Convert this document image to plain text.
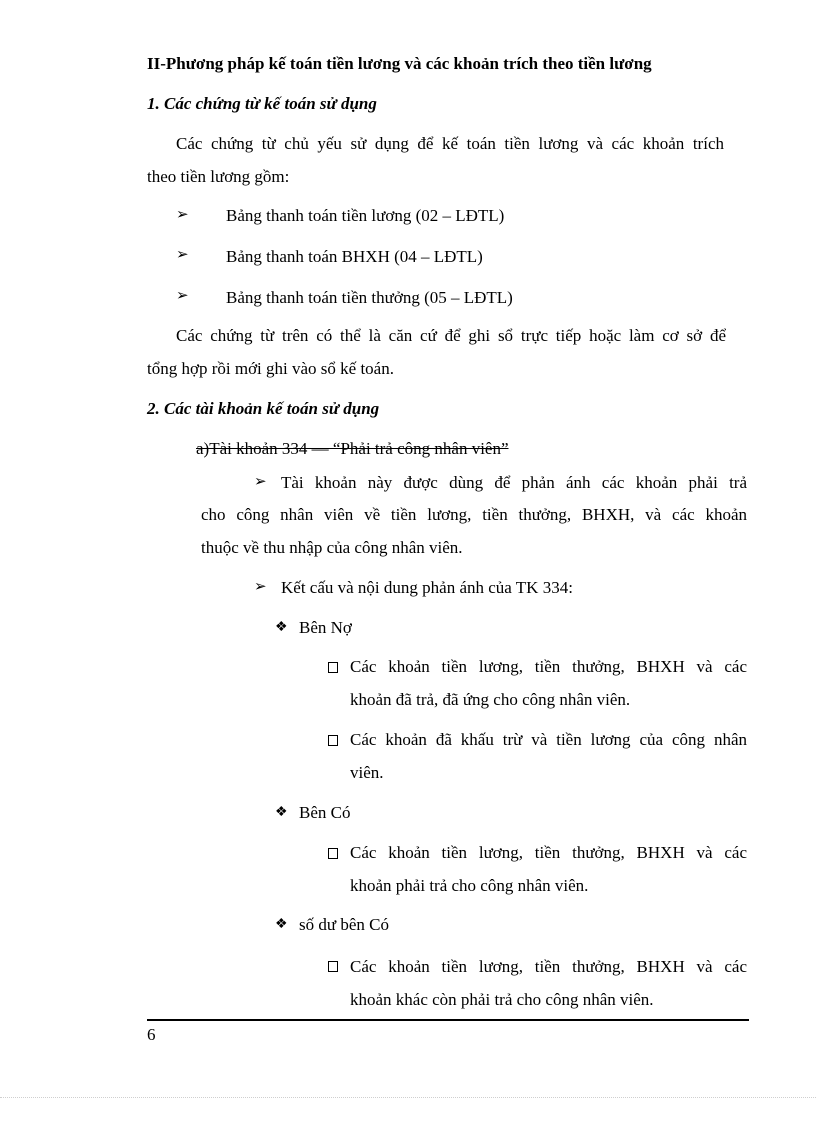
II-Phương pháp kế toán tiền lương và các khoản trích theo tiền lương
1. Các chứng từ kế toán sử dụng
Các chứng từ chủ yếu sử dụng để kế toán tiền lương và các khoản trích
theo tiền lương gồm:
➢ Bảng thanh toán tiền lương (02 – LĐTL)
➢ Bảng thanh toán BHXH (04 – LĐTL)
➢ Bảng thanh toán tiền thưởng (05 – LĐTL)
Các chứng từ trên có thể là căn cứ để ghi sổ trực tiếp hoặc làm cơ sở để
tổng hợp rồi mới ghi vào sổ kế toán.
2. Các tài khoản kế toán sử dụng
a)Tài khoản 334 — “Phải trả công nhân viên”
➢ Tài khoản này được dùng để phản ánh các khoản phải trả
cho công nhân viên về tiền lương, tiền thưởng, BHXH, và các khoản
thuộc về thu nhập của công nhân viên.
➢ Kết cấu và nội dung phản ánh của TK 334:
❖ Bên Nợ
Các khoản tiền lương, tiền thưởng, BHXH và các
khoản đã trả, đã ứng cho công nhân viên.
Các khoản đã khấu trừ và tiền lương của công nhân
viên.
❖ Bên Có
Các khoản tiền lương, tiền thưởng, BHXH và các
khoản phải trả cho công nhân viên.
❖ số dư bên Có
Các khoản tiền lương, tiền thưởng, BHXH và các
khoản khác còn phải trả cho công nhân viên.
6
